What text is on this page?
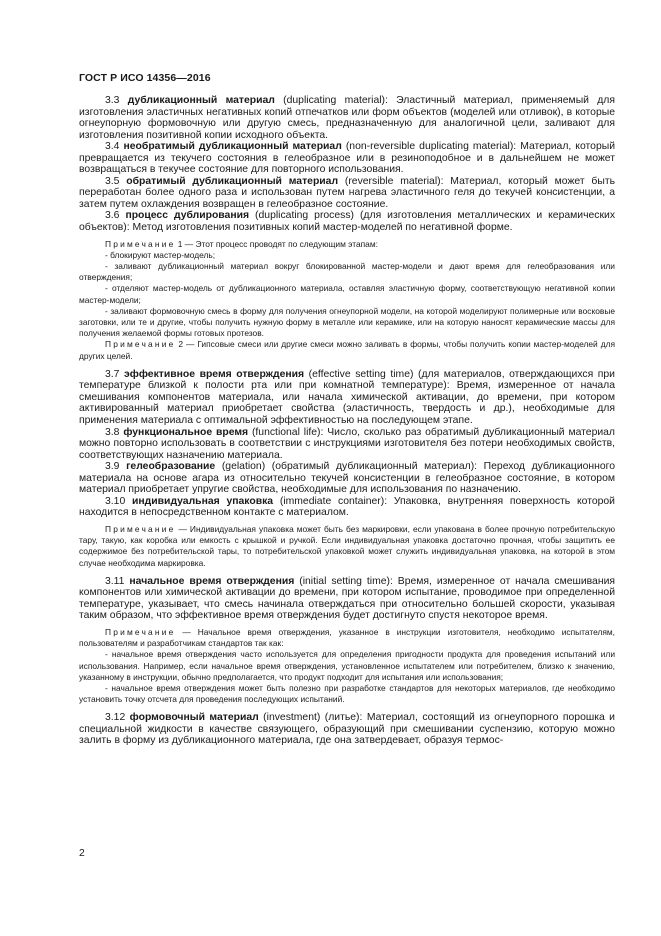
ГОСТ Р ИСО 14356—2016

3.3 дубликационный материал (duplicating material): Эластичный материал, применяемый для изготовления эластичных негативных копий отпечатков или форм объектов (моделей или отливок), в которые огнеупорную формовочную или другую смесь, предназначенную для аналогичной цели, заливают для изготовления позитивной копии исходного объекта.

3.4 необратимый дубликационный материал (non-reversible duplicating material): Материал, который превращается из текучего состояния в гелеобразное или в резиноподобное и в дальнейшем не может возвращаться в текучее состояние для повторного использования.

3.5 обратимый дубликационный материал (reversible material): Материал, который может быть переработан более одного раза и использован путем нагрева эластичного геля до текучей консистенции, а затем путем охлаждения возвращен в гелеобразное состояние.

3.6 процесс дублирования (duplicating process) (для изготовления металлических и керамических объектов): Метод изготовления позитивных копий мастер-моделей по негативной форме.

Примечание 1 — Этот процесс проводят по следующим этапам:

- блокируют мастер-модель;

- заливают дубликационный материал вокруг блокированной мастер-модели и дают время для гелеобразования или отверждения;

- отделяют мастер-модель от дубликационного материала, оставляя эластичную форму, соответствующую негативной копии мастер-модели;

- заливают формовочную смесь в форму для получения огнеупорной модели, на которой моделируют полимерные или восковые заготовки, или те и другие, чтобы получить нужную форму в металле или керамике, или на которую наносят керамические массы для получения желаемой формы готовых протезов.

Примечание 2 — Гипсовые смеси или другие смеси можно заливать в формы, чтобы получить копии мастер-моделей для других целей.

3.7 эффективное время отверждения (effective setting time) (для материалов, отверждающихся при температуре близкой к полости рта или при комнатной температуре): Время, измеренное от начала смешивания компонентов материала, или начала химической активации, до времени, при котором активированный материал приобретает свойства (эластичность, твердость и др.), необходимые для применения материала с оптимальной эффективностью на последующем этапе.

3.8 функциональное время (functional life): Число, сколько раз обратимый дубликационный материал можно повторно использовать в соответствии с инструкциями изготовителя без потери необходимых свойств, соответствующих назначению материала.

3.9 гелеобразование (gelation) (обратимый дубликационный материал): Переход дубликационного материала на основе агара из относительно текучей консистенции в гелеобразное состояние, в котором материал приобретает упругие свойства, необходимые для использования по назначению.

3.10 индивидуальная упаковка (immediate container): Упаковка, внутренняя поверхность которой находится в непосредственном контакте с материалом.

Примечание — Индивидуальная упаковка может быть без маркировки, если упакована в более прочную потребительскую тару, такую, как коробка или емкость с крышкой и ручкой. Если индивидуальная упаковка достаточно прочная, чтобы защитить ее содержимое без потребительской тары, то потребительской упаковкой может служить индивидуальная упаковка, на которой в этом случае необходима маркировка.

3.11 начальное время отверждения (initial setting time): Время, измеренное от начала смешивания компонентов или химической активации до времени, при котором испытание, проводимое при определенной температуре, указывает, что смесь начинала отверждаться при относительно большей скорости, указывая таким образом, что эффективное время отверждения будет достигнуто спустя некоторое время.

Примечание — Начальное время отверждения, указанное в инструкции изготовителя, необходимо испытателям, пользователям и разработчикам стандартов так как:

- начальное время отверждения часто используется для определения пригодности продукта для проведения испытаний или использования. Например, если начальное время отверждения, установленное испытателем или потребителем, близко к значению, указанному в инструкции, обычно предполагается, что продукт подходит для испытания или использования;

- начальное время отверждения может быть полезно при разработке стандартов для некоторых материалов, где необходимо установить точку отсчета для проведения последующих испытаний.

3.12 формовочный материал (investment) (литье): Материал, состоящий из огнеупорного порошка и специальной жидкости в качестве связующего, образующий при смешивании суспензию, которую можно залить в форму из дубликационного материала, где она затвердевает, образуя термос-

2
